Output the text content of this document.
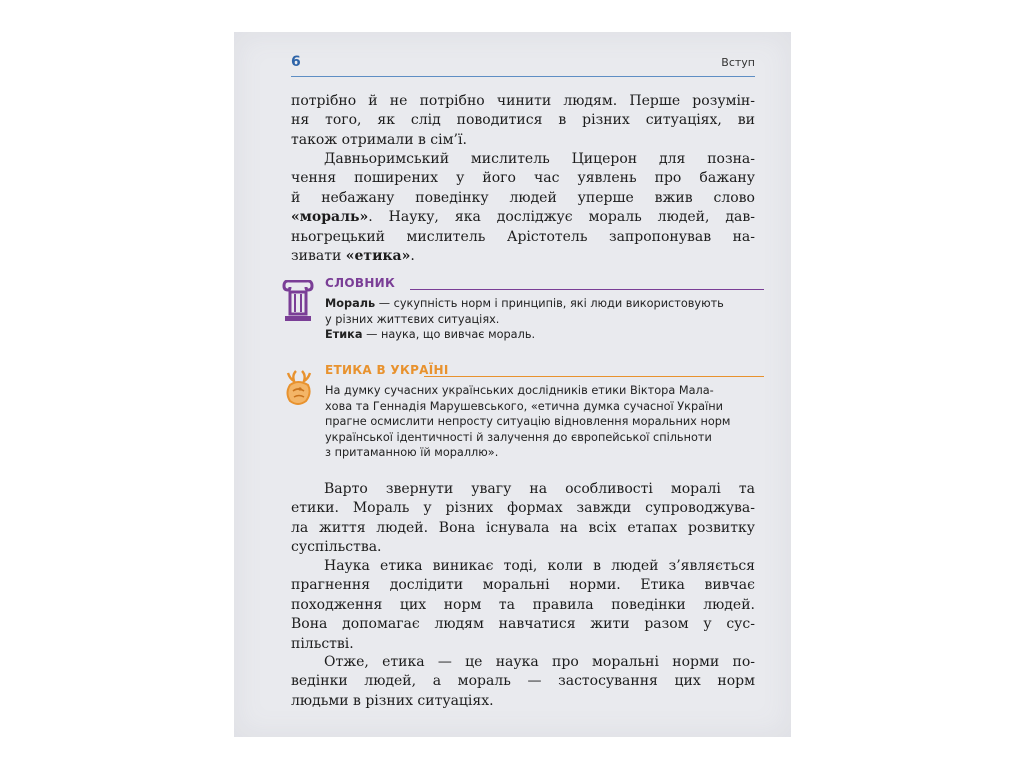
6	Вступ
потрібно й не потрібно чинити людям. Перше розумін-
ня того, як слід поводитися в різних ситуаціях, ви
також отримали в сім’ї.
Давньоримський мислитель Цицерон для позна-
чення поширених у його час уявлень про бажану
й небажану поведінку людей уперше вжив слово
«мораль». Науку, яка досліджує мораль людей, дав-
ньогрецький мислитель Арістотель запропонував на-
зивати «етика».
СЛОВНИК

Мораль — сукупність норм і принципів, які люди використовують

у різних життєвих ситуаціях.

Етика — наука, що вивчає мораль.

ЕТИКА В УКРАЇНІ

На думку сучасних українських дослідників етики Віктора Мала-

хова та Геннадія Марушевського, «етична думка сучасної України

прагне осмислити непросту ситуацію відновлення моральних норм

української ідентичності й залучення до європейської спільноти

з притаманною їй мораллю».

Варто звернути увагу на особливості моралі та
етики. Мораль у різних формах завжди супроводжува-
ла життя людей. Вона існувала на всіх етапах розвитку
суспільства.
Наука етика виникає тоді, коли в людей з’являється
прагнення дослідити моральні норми. Етика вивчає
походження цих норм та правила поведінки людей.
Вона допомагає людям навчатися жити разом у сус-
пільстві.
Отже, етика — це наука про моральні норми по-
ведінки людей, а мораль — застосування цих норм
людьми в різних ситуаціях.
